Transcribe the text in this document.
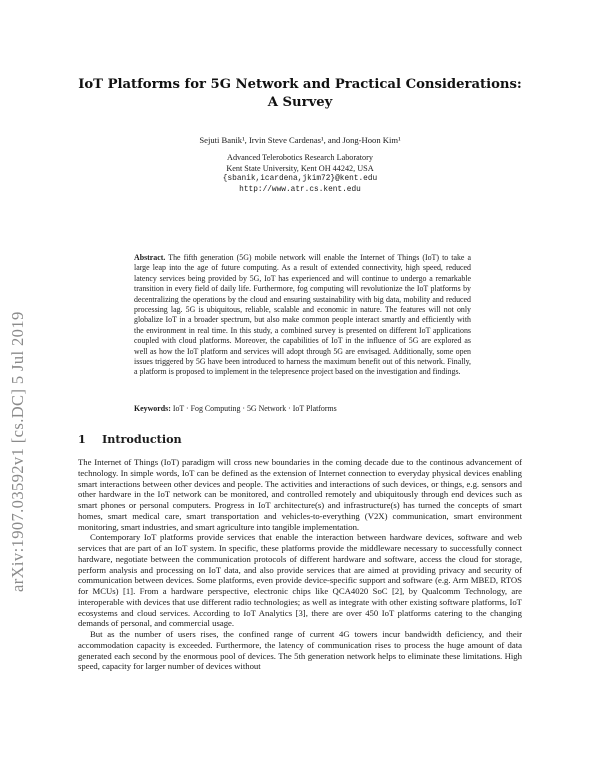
arXiv:1907.03592v1 [cs.DC] 5 Jul 2019
IoT Platforms for 5G Network and Practical Considerations: A Survey
Sejuti Banik¹, Irvin Steve Cardenas¹, and Jong-Hoon Kim¹
Advanced Telerobotics Research Laboratory
Kent State University, Kent OH 44242, USA
{sbanik,icardena,jkim72}@kent.edu
http://www.atr.cs.kent.edu

Abstract. The fifth generation (5G) mobile network will enable the Internet of Things (IoT) to take a large leap into the age of future computing. As a result of extended connectivity, high speed, reduced latency services being provided by 5G, IoT has experienced and will continue to undergo a remarkable transition in every field of daily life. Furthermore, fog computing will revolutionize the IoT platforms by decentralizing the operations by the cloud and ensuring sustainability with big data, mobility and reduced processing lag. 5G is ubiquitous, reliable, scalable and economic in nature. The features will not only globalize IoT in a broader spectrum, but also make common people interact smartly and efficiently with the environment in real time. In this study, a combined survey is presented on different IoT applications coupled with cloud platforms. Moreover, the capabilities of IoT in the influence of 5G are explored as well as how the IoT platform and services will adopt through 5G are envisaged. Additionally, some open issues triggered by 5G have been introduced to harness the maximum benefit out of this network. Finally, a platform is proposed to implement in the telepresence project based on the investigation and findings.

Keywords: IoT · Fog Computing · 5G Network · IoT Platforms
1 Introduction

The Internet of Things (IoT) paradigm will cross new boundaries in the coming decade due to the continous advancement of technology. In simple words, IoT can be defined as the extension of Internet connection to everyday physical devices enabling smart interactions between other devices and people. The activities and interactions of such devices, or things, e.g. sensors and other hardware in the IoT network can be monitored, and controlled remotely and ubiquitously through end devices such as smart phones or personal computers. Progress in IoT architecture(s) and infrastructure(s) has turned the concepts of smart homes, smart medical care, smart transportation and vehicles-to-everything (V2X) communication, smart environment monitoring, smart industries, and smart agriculture into tangible implementation.

Contemporary IoT platforms provide services that enable the interaction between hardware devices, software and web services that are part of an IoT system. In specific, these platforms provide the middleware necessary to successfully connect hardware, negotiate between the communication protocols of different hardware and software, access the cloud for storage, perform analysis and processing on IoT data, and also provide services that are aimed at providing privacy and security of communication between devices. Some platforms, even provide device-specific support and software (e.g. Arm MBED, RTOS for MCUs) [1]. From a hardware perspective, electronic chips like QCA4020 SoC [2], by Qualcomm Technology, are interoperable with devices that use different radio technologies; as well as integrate with other existing software platforms, IoT ecosystems and cloud services. According to IoT Analytics [3], there are over 450 IoT platforms catering to the changing demands of personal, and commercial usage.

But as the number of users rises, the confined range of current 4G towers incur bandwidth deficiency, and their accommodation capacity is exceeded. Furthermore, the latency of communication rises to process the huge amount of data generated each second by the enormous pool of devices. The 5th generation network helps to eliminate these limitations. High speed, capacity for larger number of devices without
